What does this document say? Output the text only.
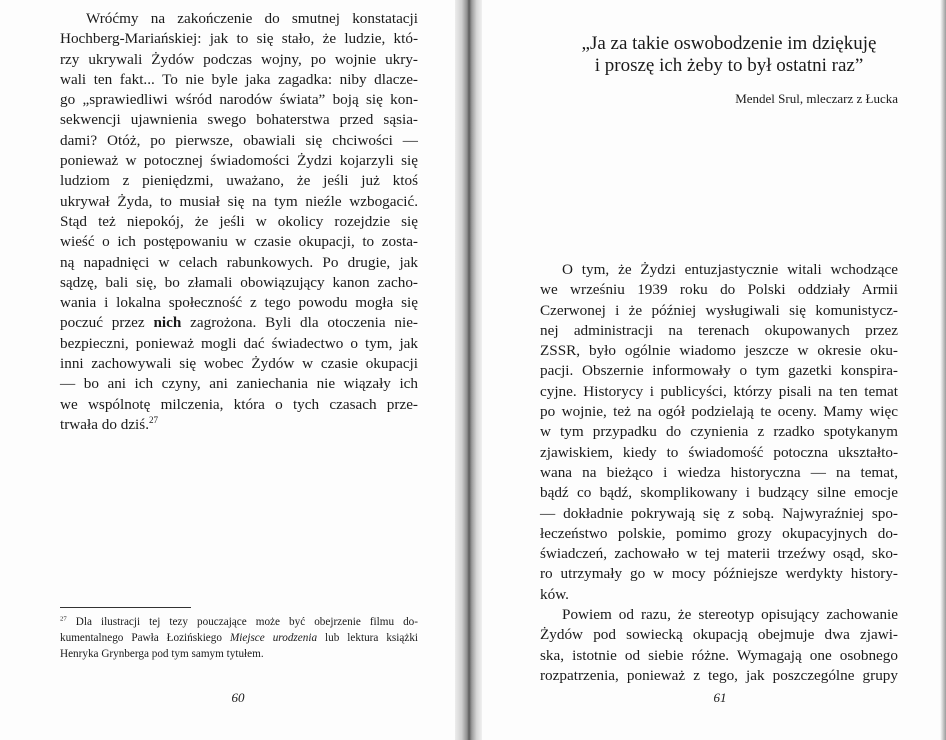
Wróćmy na zakończenie do smutnej konstatacji
Hochberg-Mariańskiej: jak to się stało, że ludzie, któ-
rzy ukrywali Żydów podczas wojny, po wojnie ukry-
wali ten fakt... To nie byle jaka zagadka: niby dlacze-
go „sprawiedliwi wśród narodów świata” boją się kon-
sekwencji ujawnienia swego bohaterstwa przed sąsia-
dami? Otóż, po pierwsze, obawiali się chciwości —
ponieważ w potocznej świadomości Żydzi kojarzyli się
ludziom z pieniędzmi, uważano, że jeśli już ktoś
ukrywał Żyda, to musiał się na tym nieźle wzbogacić.
Stąd też niepokój, że jeśli w okolicy rozejdzie się
wieść o ich postępowaniu w czasie okupacji, to zosta-
ną napadnięci w celach rabunkowych. Po drugie, jak
sądzę, bali się, bo złamali obowiązujący kanon zacho-
wania i lokalna społeczność z tego powodu mogła się
poczuć przez nich zagrożona. Byli dla otoczenia nie-
bezpieczni, ponieważ mogli dać świadectwo o tym, jak
inni zachowywali się wobec Żydów w czasie okupacji
— bo ani ich czyny, ani zaniechania nie wiązały ich
we wspólnotę milczenia, która o tych czasach prze-
trwała do dziś.$^{27}$

$^{27}$ Dla ilustracji tej tezy pouczające może być obejrzenie filmu do-kumentalnego Pawła Łozińskiego Miejsce urodzenia lub lektura książki Henryka Grynberga pod tym samym tytułem.
60
„Ja za takie oswobodzenie im dziękuję
i proszę ich żeby to był ostatni raz”
Mendel Srul, mleczarz z Łucka

O tym, że Żydzi entuzjastycznie witali wchodzące
we wrześniu 1939 roku do Polski oddziały Armii
Czerwonej i że później wysługiwali się komunistycz-
nej administracji na terenach okupowanych przez
ZSSR, było ogólnie wiadomo jeszcze w okresie oku-
pacji. Obszernie informowały o tym gazetki konspira-
cyjne. Historycy i publicyści, którzy pisali na ten temat
po wojnie, też na ogół podzielają te oceny. Mamy więc
w tym przypadku do czynienia z rzadko spotykanym
zjawiskiem, kiedy to świadomość potoczna ukształto-
wana na bieżąco i wiedza historyczna — na temat,
bądź co bądź, skomplikowany i budzący silne emocje
— dokładnie pokrywają się z sobą. Najwyraźniej spo-
łeczeństwo polskie, pomimo grozy okupacyjnych do-
świadczeń, zachowało w tej materii trzeźwy osąd, sko-
ro utrzymały go w mocy późniejsze werdykty history-
ków.

Powiem od razu, że stereotyp opisujący zachowanie
Żydów pod sowiecką okupacją obejmuje dwa zjawi-
ska, istotnie od siebie różne. Wymagają one osobnego
rozpatrzenia, ponieważ z tego, jak poszczególne grupy

61
